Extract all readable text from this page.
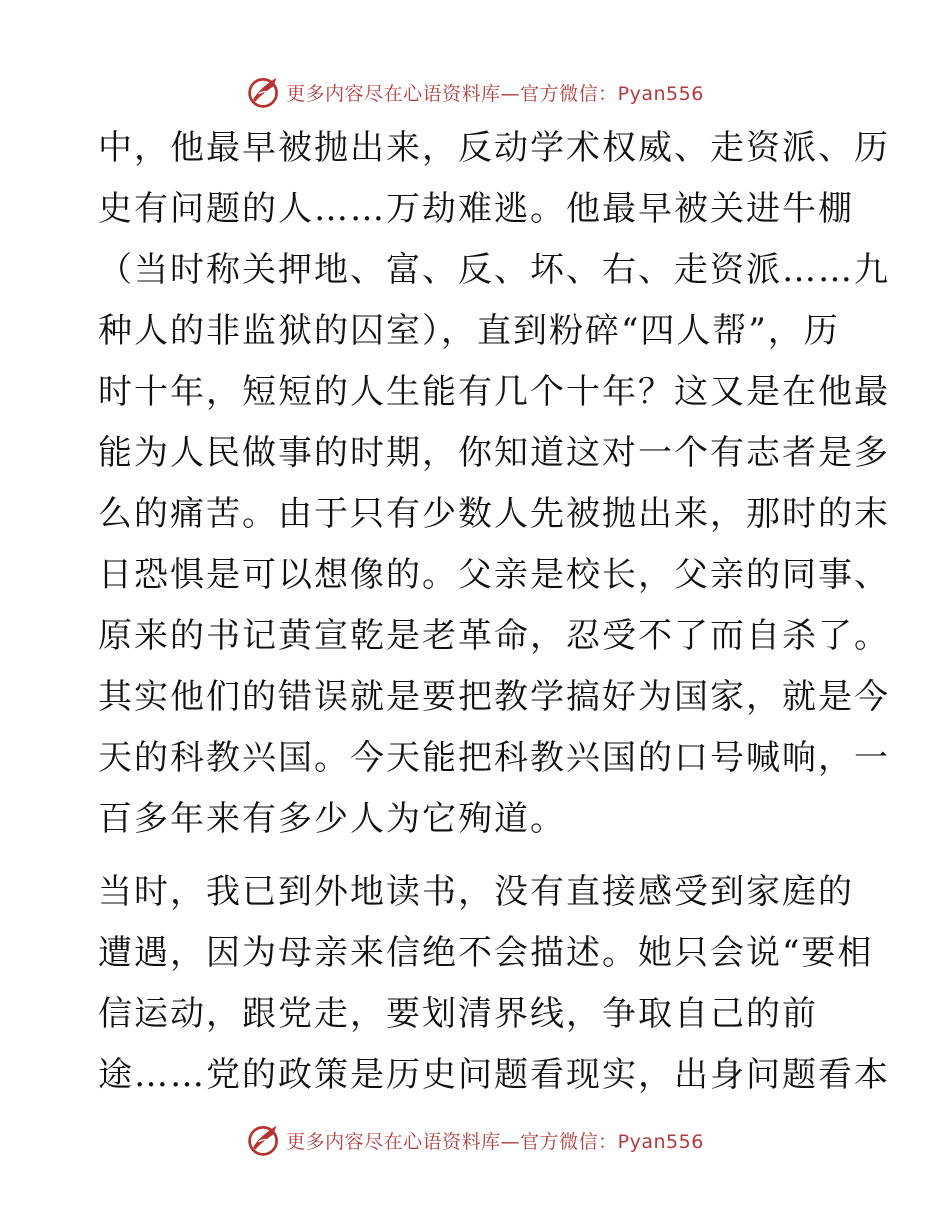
更多内容尽在心语资料库—官方微信：Pyan556
中，他最早被抛出来，反动学术权威、走资派、历
史有问题的人……万劫难逃。他最早被关进牛棚
（当时称关押地、富、反、坏、右、走资派……九
种人的非监狱的囚室），直到粉碎“四人帮”，历
时十年，短短的人生能有几个十年？这又是在他最
能为人民做事的时期，你知道这对一个有志者是多
么的痛苦。由于只有少数人先被抛出来，那时的末
日恐惧是可以想像的。父亲是校长，父亲的同事、
原来的书记黄宣乾是老革命，忍受不了而自杀了。
其实他们的错误就是要把教学搞好为国家，就是今
天的科教兴国。今天能把科教兴国的口号喊响，一
百多年来有多少人为它殉道。
当时，我已到外地读书，没有直接感受到家庭的
遭遇，因为母亲来信绝不会描述。她只会说“要相
信运动，跟党走，要划清界线，争取自己的前
途……党的政策是历史问题看现实，出身问题看本
更多内容尽在心语资料库—官方微信：Pyan556
